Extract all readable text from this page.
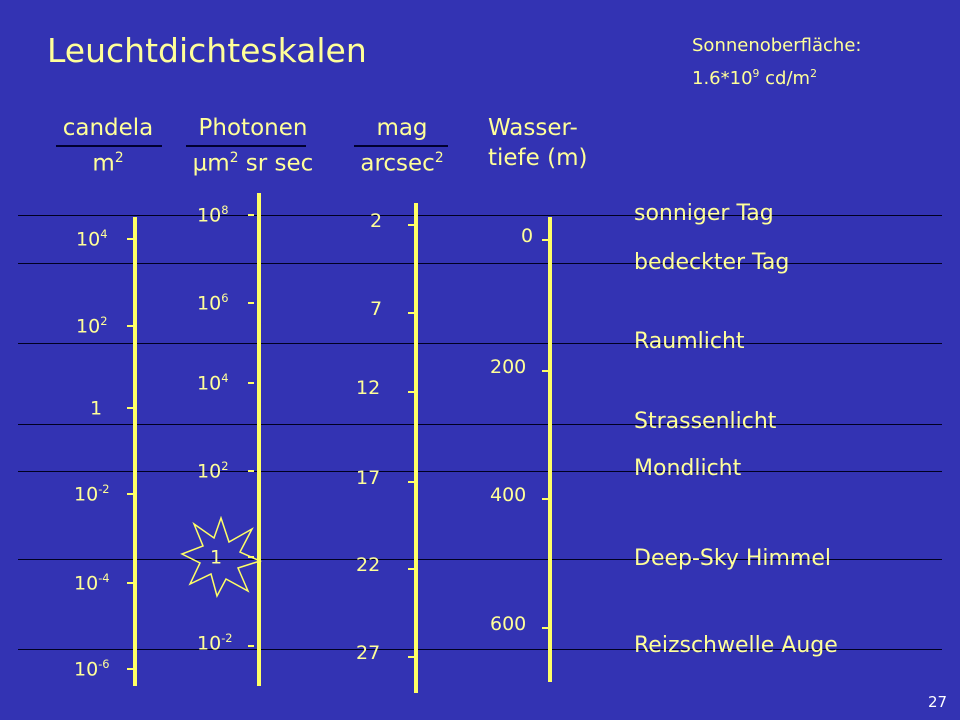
Leuchtdichteskalen	Sonnenoberfläche:
$1.6*10^9$ $cd/m^2$
candela
$m^2$
Photonen
µm$^2$ sr sec
mag
arcsec$^2$
Wasser-
tiefe (m)
$10^4$
$10^2$
1
$10^{-2}$
$10^{-4}$
$10^{-6}$
$10^8$
$10^6$
$10^4$
$10^2$
1
$10^{-2}$
2
7
12
17
22
27
0
200
400
600
sonniger Tag
bedeckter Tag
Raumlicht
Strassenlicht
Mondlicht
Deep-Sky Himmel
Reizschwelle Auge
27
